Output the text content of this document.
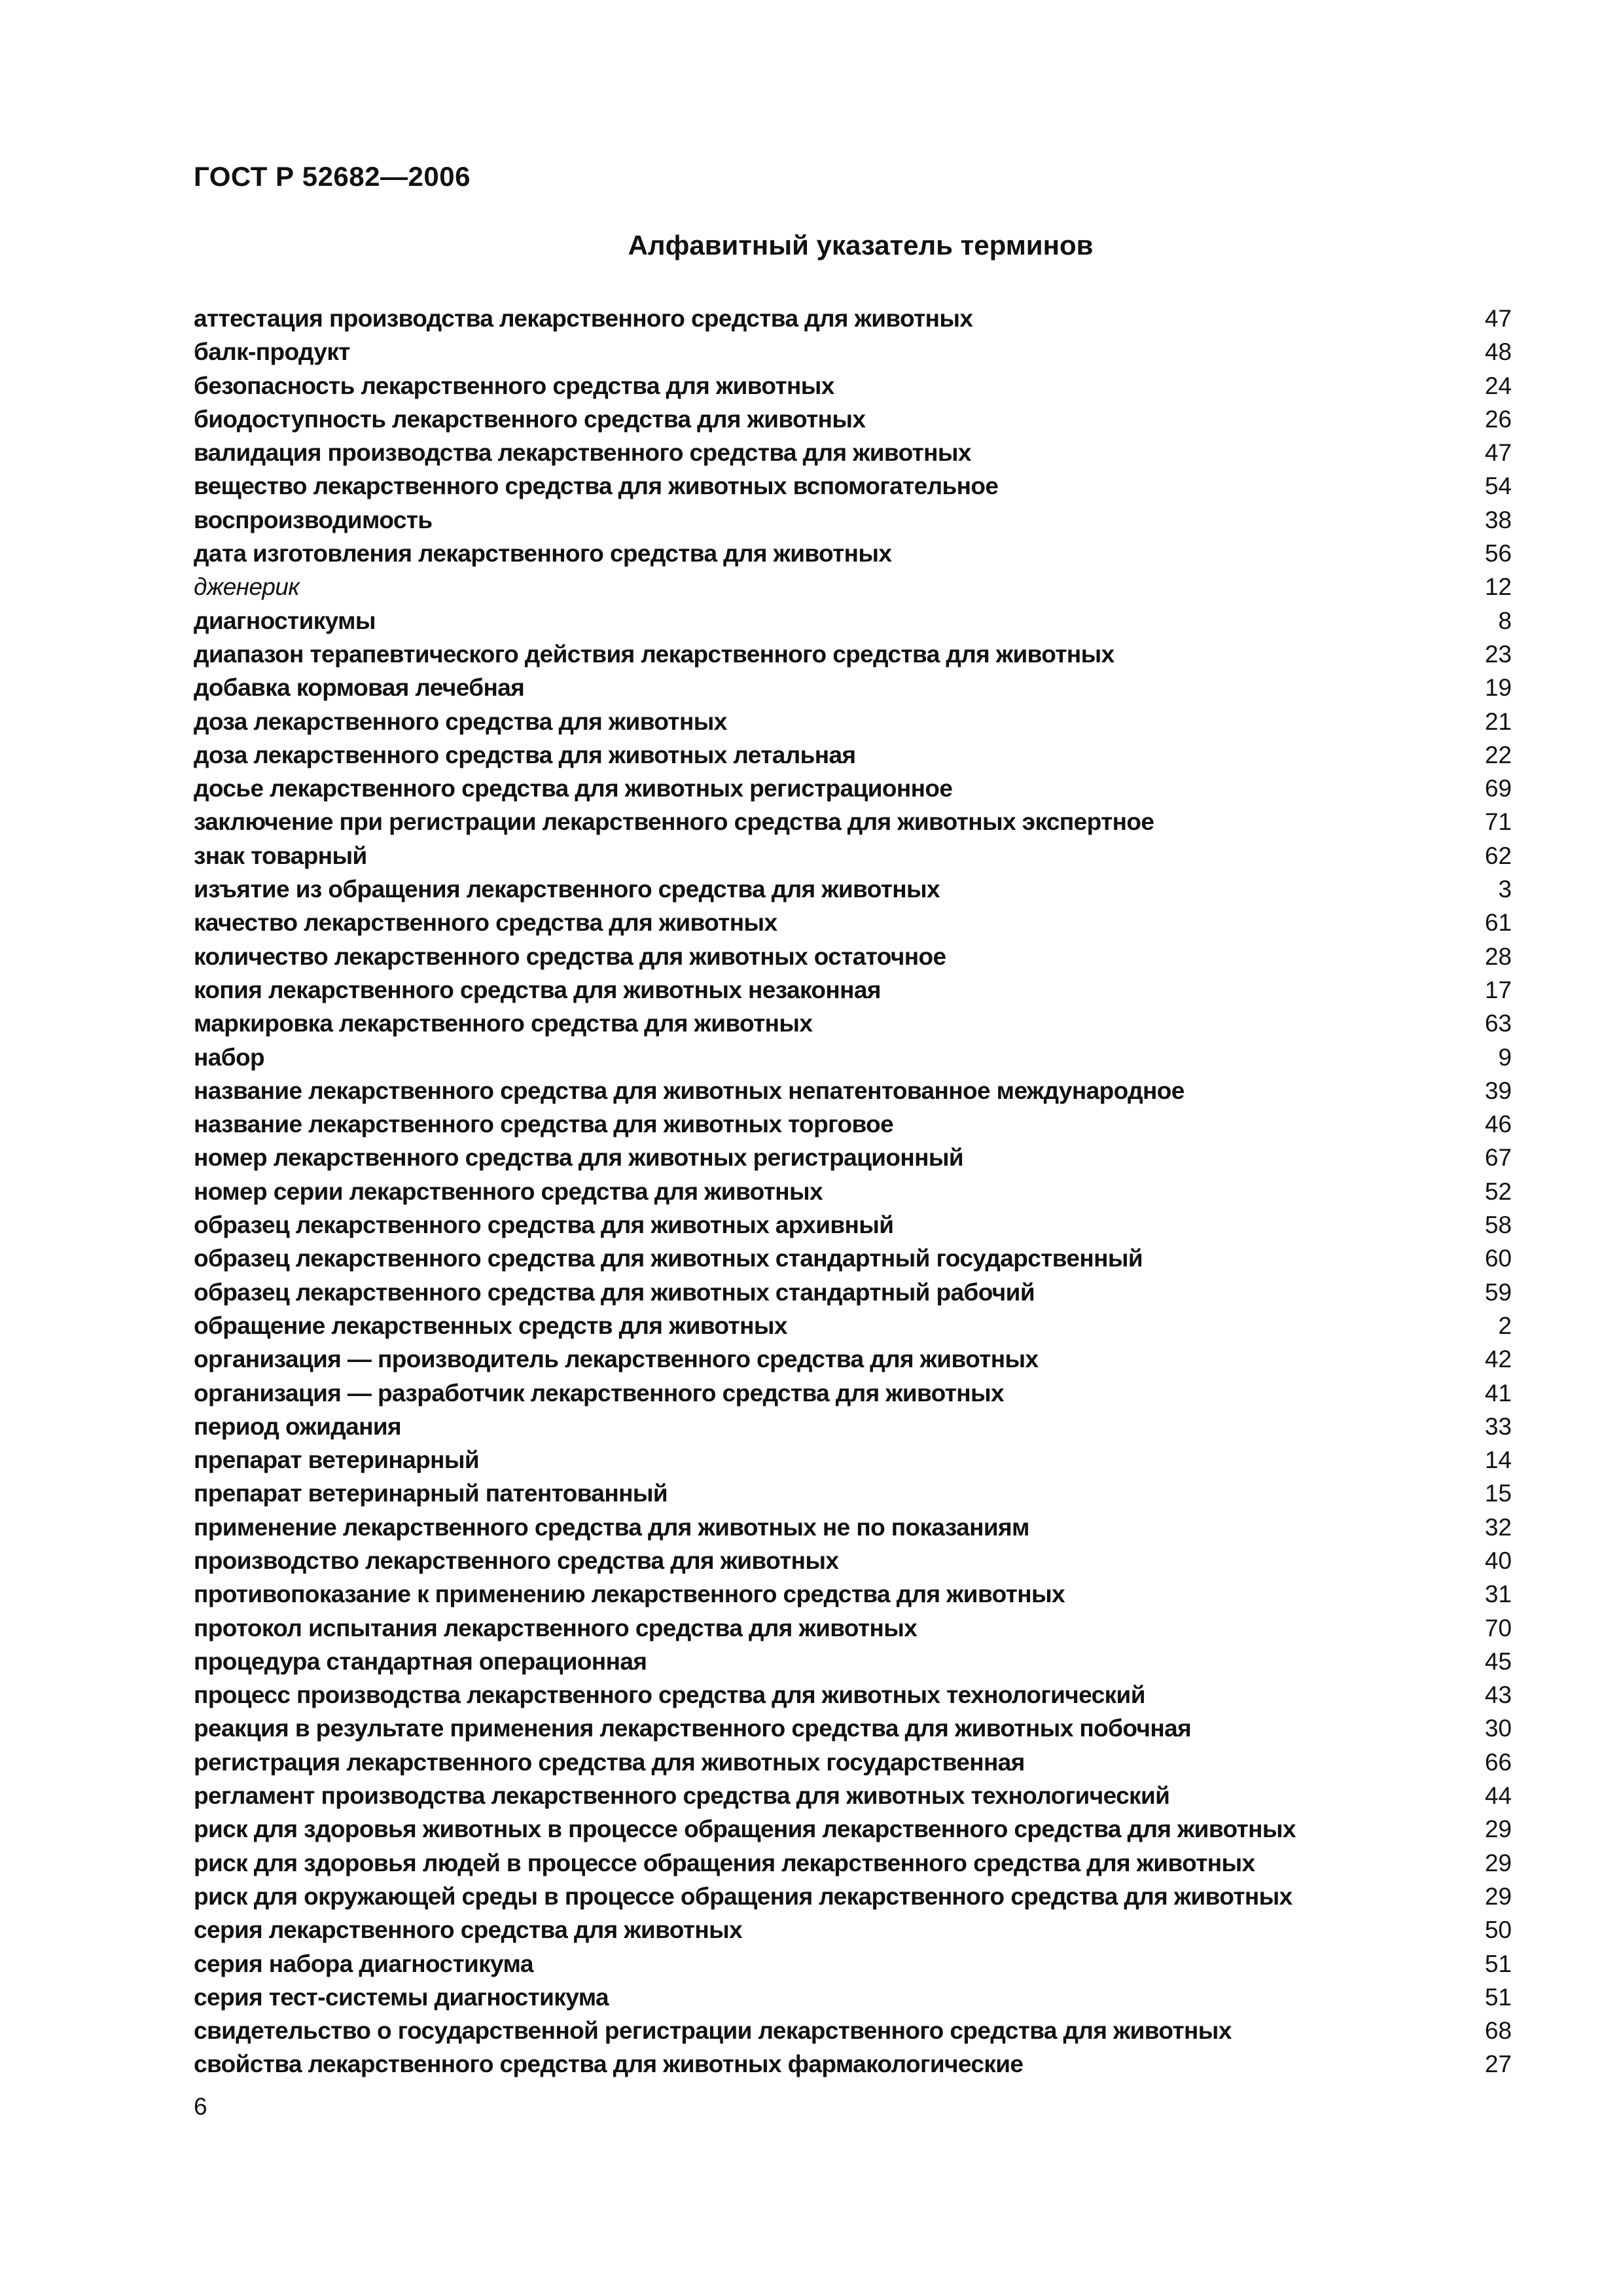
ГОСТ Р 52682—2006
Алфавитный указатель терминов
аттестация производства лекарственного средства для животных	47
балк-продукт	48
безопасность лекарственного средства для животных	24
биодоступность лекарственного средства для животных	26
валидация производства лекарственного средства для животных	47
вещество лекарственного средства для животных вспомогательное	54
воспроизводимость	38
дата изготовления лекарственного средства для животных	56
дженерик	12
диагностикумы	8
диапазон терапевтического действия лекарственного средства для животных	23
добавка кормовая лечебная	19
доза лекарственного средства для животных	21
доза лекарственного средства для животных летальная	22
досье лекарственного средства для животных регистрационное	69
заключение при регистрации лекарственного средства для животных экспертное	71
знак товарный	62
изъятие из обращения лекарственного средства для животных	3
качество лекарственного средства для животных	61
количество лекарственного средства для животных остаточное	28
копия лекарственного средства для животных незаконная	17
маркировка лекарственного средства для животных	63
набор	9
название лекарственного средства для животных непатентованное международное	39
название лекарственного средства для животных торговое	46
номер лекарственного средства для животных регистрационный	67
номер серии лекарственного средства для животных	52
образец лекарственного средства для животных архивный	58
образец лекарственного средства для животных стандартный государственный	60
образец лекарственного средства для животных стандартный рабочий	59
обращение лекарственных средств для животных	2
организация — производитель лекарственного средства для животных	42
организация — разработчик лекарственного средства для животных	41
период ожидания	33
препарат ветеринарный	14
препарат ветеринарный патентованный	15
применение лекарственного средства для животных не по показаниям	32
производство лекарственного средства для животных	40
противопоказание к применению лекарственного средства для животных	31
протокол испытания лекарственного средства для животных	70
процедура стандартная операционная	45
процесс производства лекарственного средства для животных технологический	43
реакция в результате применения лекарственного средства для животных побочная	30
регистрация лекарственного средства для животных государственная	66
регламент производства лекарственного средства для животных технологический	44
риск для здоровья животных в процессе обращения лекарственного средства для животных	29
риск для здоровья людей в процессе обращения лекарственного средства для животных	29
риск для окружающей среды в процессе обращения лекарственного средства для животных	29
серия лекарственного средства для животных	50
серия набора диагностикума	51
серия тест-системы диагностикума	51
свидетельство о государственной регистрации лекарственного средства для животных	68
свойства лекарственного средства для животных фармакологические	27
6
